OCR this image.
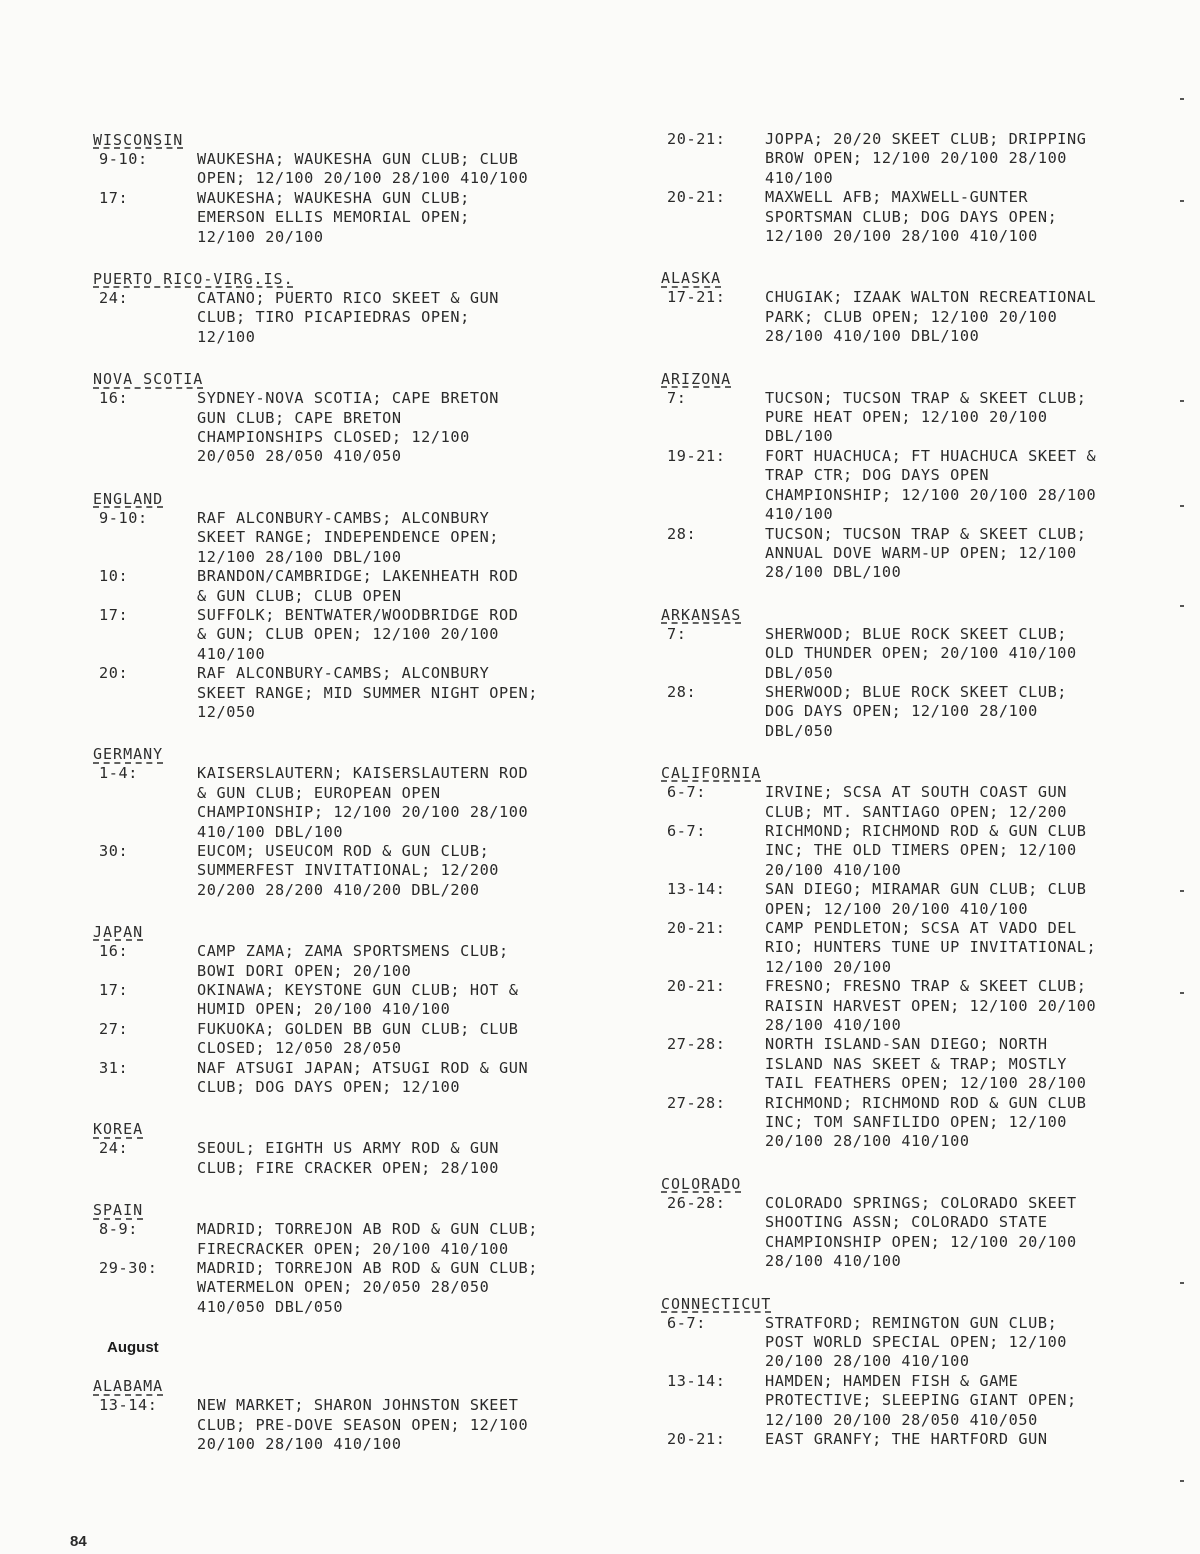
WISCONSIN
9-10:	WAUKESHA; WAUKESHA GUN CLUB; CLUB
OPEN; 12/100 20/100 28/100 410/100
17:	WAUKESHA; WAUKESHA GUN CLUB;
EMERSON ELLIS MEMORIAL OPEN;
12/100 20/100
PUERTO RICO-VIRG.IS.
24:	CATANO; PUERTO RICO SKEET & GUN
CLUB; TIRO PICAPIEDRAS OPEN;
12/100
NOVA SCOTIA
16:	SYDNEY-NOVA SCOTIA; CAPE BRETON
GUN CLUB; CAPE BRETON
CHAMPIONSHIPS CLOSED; 12/100
20/050 28/050 410/050
ENGLAND
9-10:	RAF ALCONBURY-CAMBS; ALCONBURY
SKEET RANGE; INDEPENDENCE OPEN;
12/100 28/100 DBL/100
10:	BRANDON/CAMBRIDGE; LAKENHEATH ROD
& GUN CLUB; CLUB OPEN
17:	SUFFOLK; BENTWATER/WOODBRIDGE ROD
& GUN; CLUB OPEN; 12/100 20/100
410/100
20:	RAF ALCONBURY-CAMBS; ALCONBURY
SKEET RANGE; MID SUMMER NIGHT OPEN;
12/050
GERMANY
1-4:	KAISERSLAUTERN; KAISERSLAUTERN ROD
& GUN CLUB; EUROPEAN OPEN
CHAMPIONSHIP; 12/100 20/100 28/100
410/100 DBL/100
30:	EUCOM; USEUCOM ROD & GUN CLUB;
SUMMERFEST INVITATIONAL; 12/200
20/200 28/200 410/200 DBL/200
JAPAN
16:	CAMP ZAMA; ZAMA SPORTSMENS CLUB;
BOWI DORI OPEN; 20/100
17:	OKINAWA; KEYSTONE GUN CLUB; HOT &
HUMID OPEN; 20/100 410/100
27:	FUKUOKA; GOLDEN BB GUN CLUB; CLUB
CLOSED; 12/050 28/050
31:	NAF ATSUGI JAPAN; ATSUGI ROD & GUN
CLUB; DOG DAYS OPEN; 12/100
KOREA
24:	SEOUL; EIGHTH US ARMY ROD & GUN
CLUB; FIRE CRACKER OPEN; 28/100
SPAIN
8-9:	MADRID; TORREJON AB ROD & GUN CLUB;
FIRECRACKER OPEN; 20/100 410/100
29-30:	MADRID; TORREJON AB ROD & GUN CLUB;
WATERMELON OPEN; 20/050 28/050
410/050 DBL/050
August
ALABAMA
13-14:	NEW MARKET; SHARON JOHNSTON SKEET
CLUB; PRE-DOVE SEASON OPEN; 12/100
20/100 28/100 410/100
20-21:	JOPPA; 20/20 SKEET CLUB; DRIPPING
BROW OPEN; 12/100 20/100 28/100
410/100
20-21:	MAXWELL AFB; MAXWELL-GUNTER
SPORTSMAN CLUB; DOG DAYS OPEN;
12/100 20/100 28/100 410/100
ALASKA
17-21:	CHUGIAK; IZAAK WALTON RECREATIONAL
PARK; CLUB OPEN; 12/100 20/100
28/100 410/100 DBL/100
ARIZONA
7:	TUCSON; TUCSON TRAP & SKEET CLUB;
PURE HEAT OPEN; 12/100 20/100
DBL/100
19-21:	FORT HUACHUCA; FT HUACHUCA SKEET &
TRAP CTR; DOG DAYS OPEN
CHAMPIONSHIP; 12/100 20/100 28/100
410/100
28:	TUCSON; TUCSON TRAP & SKEET CLUB;
ANNUAL DOVE WARM-UP OPEN; 12/100
28/100 DBL/100
ARKANSAS
7:	SHERWOOD; BLUE ROCK SKEET CLUB;
OLD THUNDER OPEN; 20/100 410/100
DBL/050
28:	SHERWOOD; BLUE ROCK SKEET CLUB;
DOG DAYS OPEN; 12/100 28/100
DBL/050
CALIFORNIA
6-7:	IRVINE; SCSA AT SOUTH COAST GUN
CLUB; MT. SANTIAGO OPEN; 12/200
6-7:	RICHMOND; RICHMOND ROD & GUN CLUB
INC; THE OLD TIMERS OPEN; 12/100
20/100 410/100
13-14:	SAN DIEGO; MIRAMAR GUN CLUB; CLUB
OPEN; 12/100 20/100 410/100
20-21:	CAMP PENDLETON; SCSA AT VADO DEL
RIO; HUNTERS TUNE UP INVITATIONAL;
12/100 20/100
20-21:	FRESNO; FRESNO TRAP & SKEET CLUB;
RAISIN HARVEST OPEN; 12/100 20/100
28/100 410/100
27-28:	NORTH ISLAND-SAN DIEGO; NORTH
ISLAND NAS SKEET & TRAP; MOSTLY
TAIL FEATHERS OPEN; 12/100 28/100
27-28:	RICHMOND; RICHMOND ROD & GUN CLUB
INC; TOM SANFILIDO OPEN; 12/100
20/100 28/100 410/100
COLORADO
26-28:	COLORADO SPRINGS; COLORADO SKEET
SHOOTING ASSN; COLORADO STATE
CHAMPIONSHIP OPEN; 12/100 20/100
28/100 410/100
CONNECTICUT
6-7:	STRATFORD; REMINGTON GUN CLUB;
POST WORLD SPECIAL OPEN; 12/100
20/100 28/100 410/100
13-14:	HAMDEN; HAMDEN FISH & GAME
PROTECTIVE; SLEEPING GIANT OPEN;
12/100 20/100 28/050 410/050
20-21:	EAST GRANFY; THE HARTFORD GUN
84
